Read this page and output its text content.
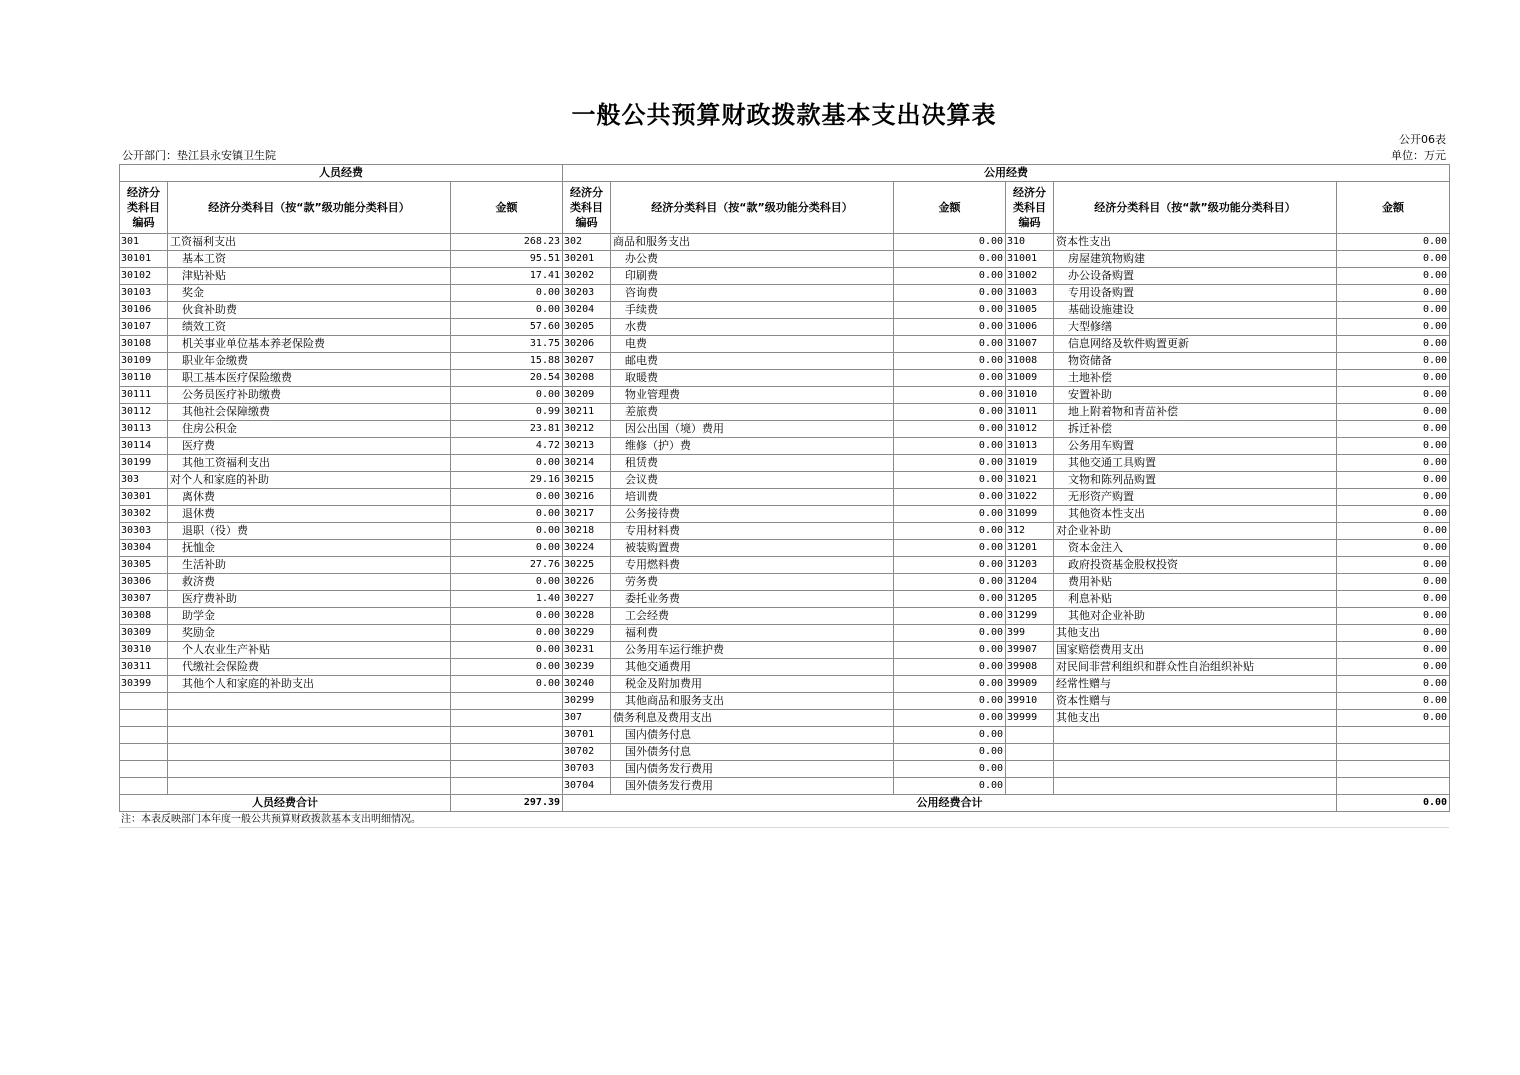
一般公共预算财政拨款基本支出决算表
公开06表
公开部门：垫江县永安镇卫生院	单位：万元
人员经费			公用经费					
经济分类科目编码	经济分类科目（按“款”级功能分类科目）	金额	经济分类科目编码	经济分类科目（按“款”级功能分类科目）	金额	经济分类科目编码	经济分类科目（按“款”级功能分类科目）	金额
301	工资福利支出	268.23	302	商品和服务支出	0.00	310	资本性支出	0.00
30101	基本工资	95.51	30201	办公费	0.00	31001	房屋建筑物购建	0.00
30102	津贴补贴	17.41	30202	印刷费	0.00	31002	办公设备购置	0.00
30103	奖金	0.00	30203	咨询费	0.00	31003	专用设备购置	0.00
30106	伙食补助费	0.00	30204	手续费	0.00	31005	基础设施建设	0.00
30107	绩效工资	57.60	30205	水费	0.00	31006	大型修缮	0.00
30108	机关事业单位基本养老保险费	31.75	30206	电费	0.00	31007	信息网络及软件购置更新	0.00
30109	职业年金缴费	15.88	30207	邮电费	0.00	31008	物资储备	0.00
30110	职工基本医疗保险缴费	20.54	30208	取暖费	0.00	31009	土地补偿	0.00
30111	公务员医疗补助缴费	0.00	30209	物业管理费	0.00	31010	安置补助	0.00
30112	其他社会保障缴费	0.99	30211	差旅费	0.00	31011	地上附着物和青苗补偿	0.00
30113	住房公积金	23.81	30212	因公出国（境）费用	0.00	31012	拆迁补偿	0.00
30114	医疗费	4.72	30213	维修（护）费	0.00	31013	公务用车购置	0.00
30199	其他工资福利支出	0.00	30214	租赁费	0.00	31019	其他交通工具购置	0.00
303	对个人和家庭的补助	29.16	30215	会议费	0.00	31021	文物和陈列品购置	0.00
30301	离休费	0.00	30216	培训费	0.00	31022	无形资产购置	0.00
30302	退休费	0.00	30217	公务接待费	0.00	31099	其他资本性支出	0.00
30303	退职（役）费	0.00	30218	专用材料费	0.00	312	对企业补助	0.00
30304	抚恤金	0.00	30224	被装购置费	0.00	31201	资本金注入	0.00
30305	生活补助	27.76	30225	专用燃料费	0.00	31203	政府投资基金股权投资	0.00
30306	救济费	0.00	30226	劳务费	0.00	31204	费用补贴	0.00
30307	医疗费补助	1.40	30227	委托业务费	0.00	31205	利息补贴	0.00
30308	助学金	0.00	30228	工会经费	0.00	31299	其他对企业补助	0.00
30309	奖励金	0.00	30229	福利费	0.00	399	其他支出	0.00
30310	个人农业生产补贴	0.00	30231	公务用车运行维护费	0.00	39907	国家赔偿费用支出	0.00
30311	代缴社会保险费	0.00	30239	其他交通费用	0.00	39908	对民间非营利组织和群众性自治组织补贴	0.00
30399	其他个人和家庭的补助支出	0.00	30240	税金及附加费用	0.00	39909	经常性赠与	0.00
			30299	其他商品和服务支出	0.00	39910	资本性赠与	0.00
			307	债务利息及费用支出	0.00	39999	其他支出	0.00
			30701	国内债务付息	0.00			
			30702	国外债务付息	0.00			
			30703	国内债务发行费用	0.00			
			30704	国外债务发行费用	0.00			
人员经费合计		297.39	公用经费合计					0.00
注：本表反映部门本年度一般公共预算财政拨款基本支出明细情况。
